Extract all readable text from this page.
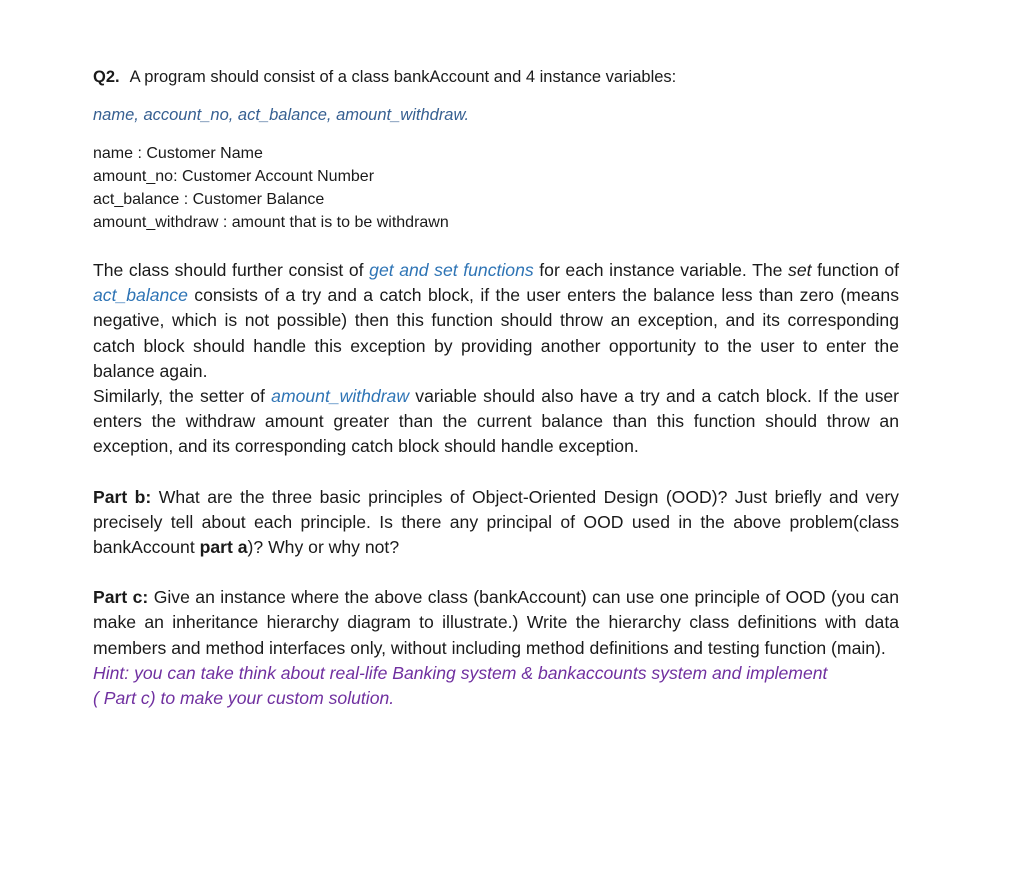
Q2. A program should consist of a class bankAccount and 4 instance variables:

name, account_no, act_balance, amount_withdraw.

name : Customer Name
amount_no: Customer Account Number
act_balance : Customer Balance
amount_withdraw : amount that is to be withdrawn

The class should further consist of get and set functions for each instance variable. The set function of act_balance consists of a try and a catch block, if the user enters the balance less than zero (means negative, which is not possible) then this function should throw an exception, and its corresponding catch block should handle this exception by providing another opportunity to the user to enter the balance again.

Similarly, the setter of amount_withdraw variable should also have a try and a catch block. If the user enters the withdraw amount greater than the current balance than this function should throw an exception, and its corresponding catch block should handle exception.

Part b: What are the three basic principles of Object-Oriented Design (OOD)? Just briefly and very precisely tell about each principle. Is there any principal of OOD used in the above problem(class bankAccount part a)? Why or why not?

Part c: Give an instance where the above class (bankAccount) can use one principle of OOD (you can make an inheritance hierarchy diagram to illustrate.) Write the hierarchy class definitions with data members and method interfaces only, without including method definitions and testing function (main).

Hint: you can take think about real-life Banking system & bankaccounts system and implement
( Part c) to make your custom solution.
